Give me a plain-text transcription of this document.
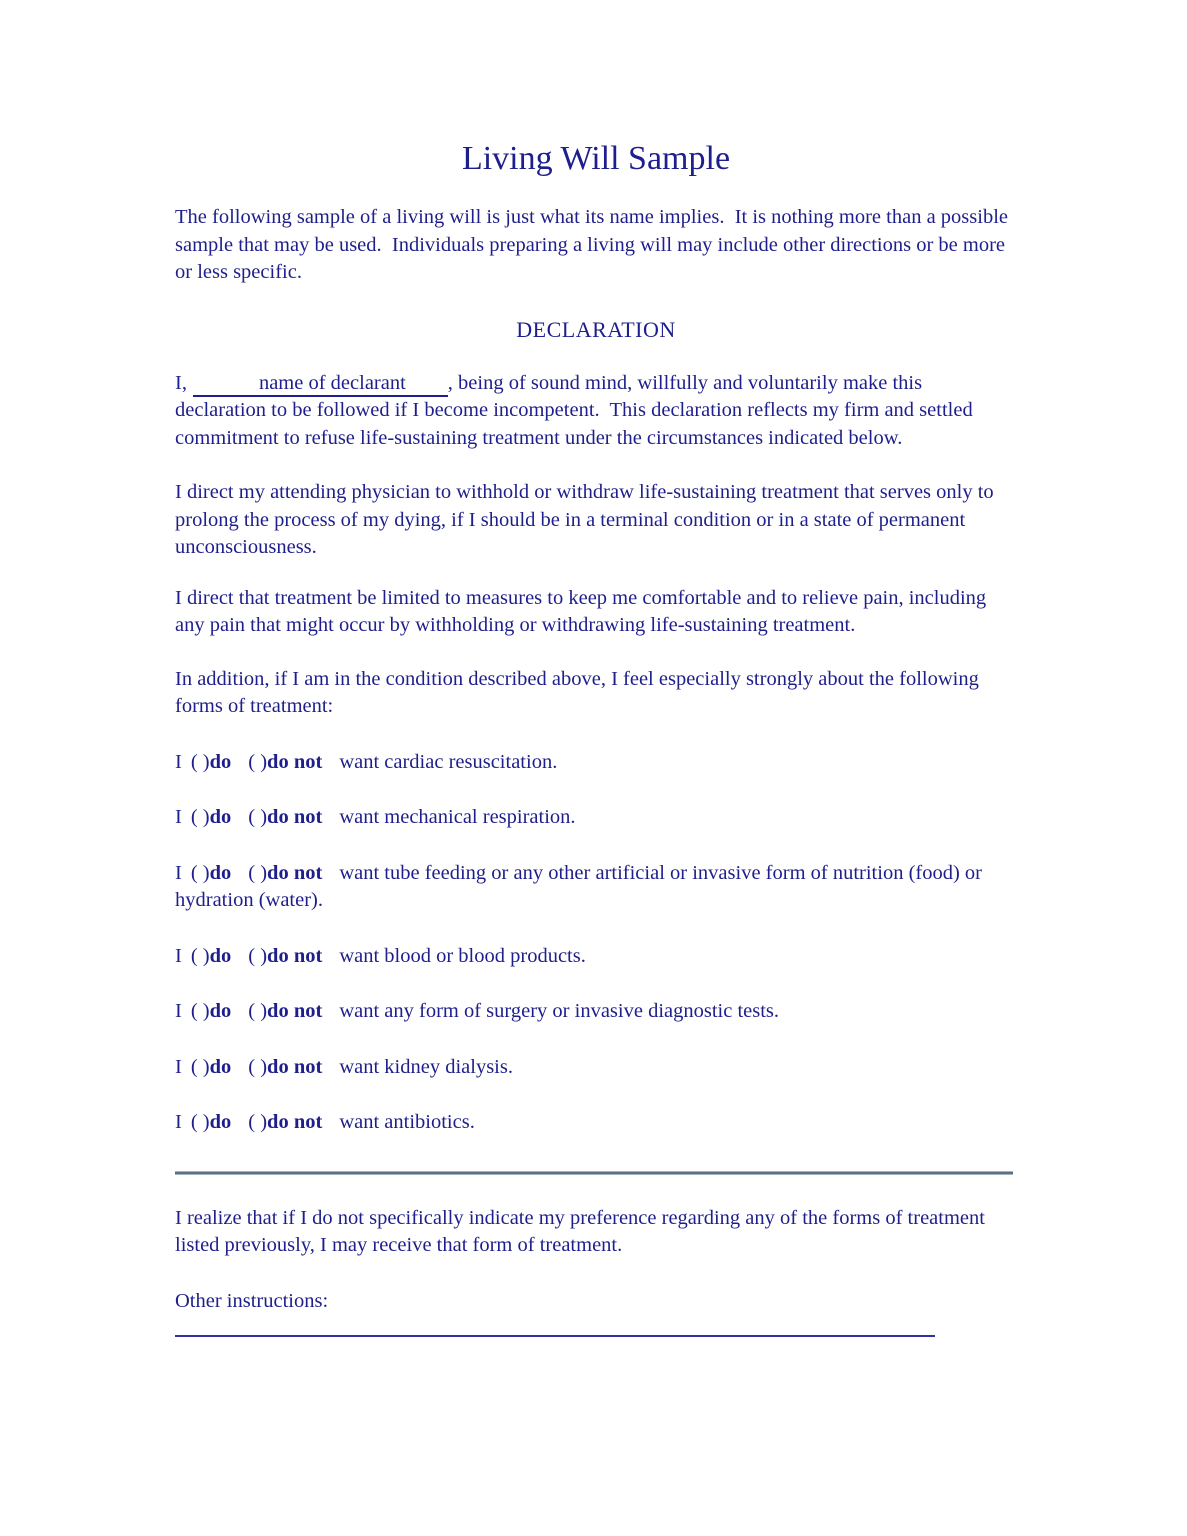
Living Will Sample

The following sample of a living will is just what its name implies.  It is nothing more than a possible sample that may be used.  Individuals preparing a living will may include other directions or be more or less specific.

DECLARATION

I,	name of declarant , being of sound mind, willfully and voluntarily make this declaration to be followed if I become incompetent.  This declaration reflects my firm and settled commitment to refuse life-sustaining treatment under the circumstances indicated below.

I direct my attending physician to withhold or withdraw life-sustaining treatment that serves only to prolong the process of my dying, if I should be in a terminal condition or in a state of permanent unconsciousness.

I direct that treatment be limited to measures to keep me comfortable and to relieve pain, including any pain that might occur by withholding or withdrawing life-sustaining treatment.

In addition, if I am in the condition described above, I feel especially strongly about the following forms of treatment:

I ( )do ( )do not want cardiac resuscitation.

I ( )do ( )do not want mechanical respiration.

I ( )do ( )do not want tube feeding or any other artificial or invasive form of nutrition (food) or hydration (water).

I ( )do ( )do not want blood or blood products.

I ( )do ( )do not want any form of surgery or invasive diagnostic tests.

I ( )do ( )do not want kidney dialysis.

I ( )do ( )do not want antibiotics.

I realize that if I do not specifically indicate my preference regarding any of the forms of treatment listed previously, I may receive that form of treatment.

Other instructions:
